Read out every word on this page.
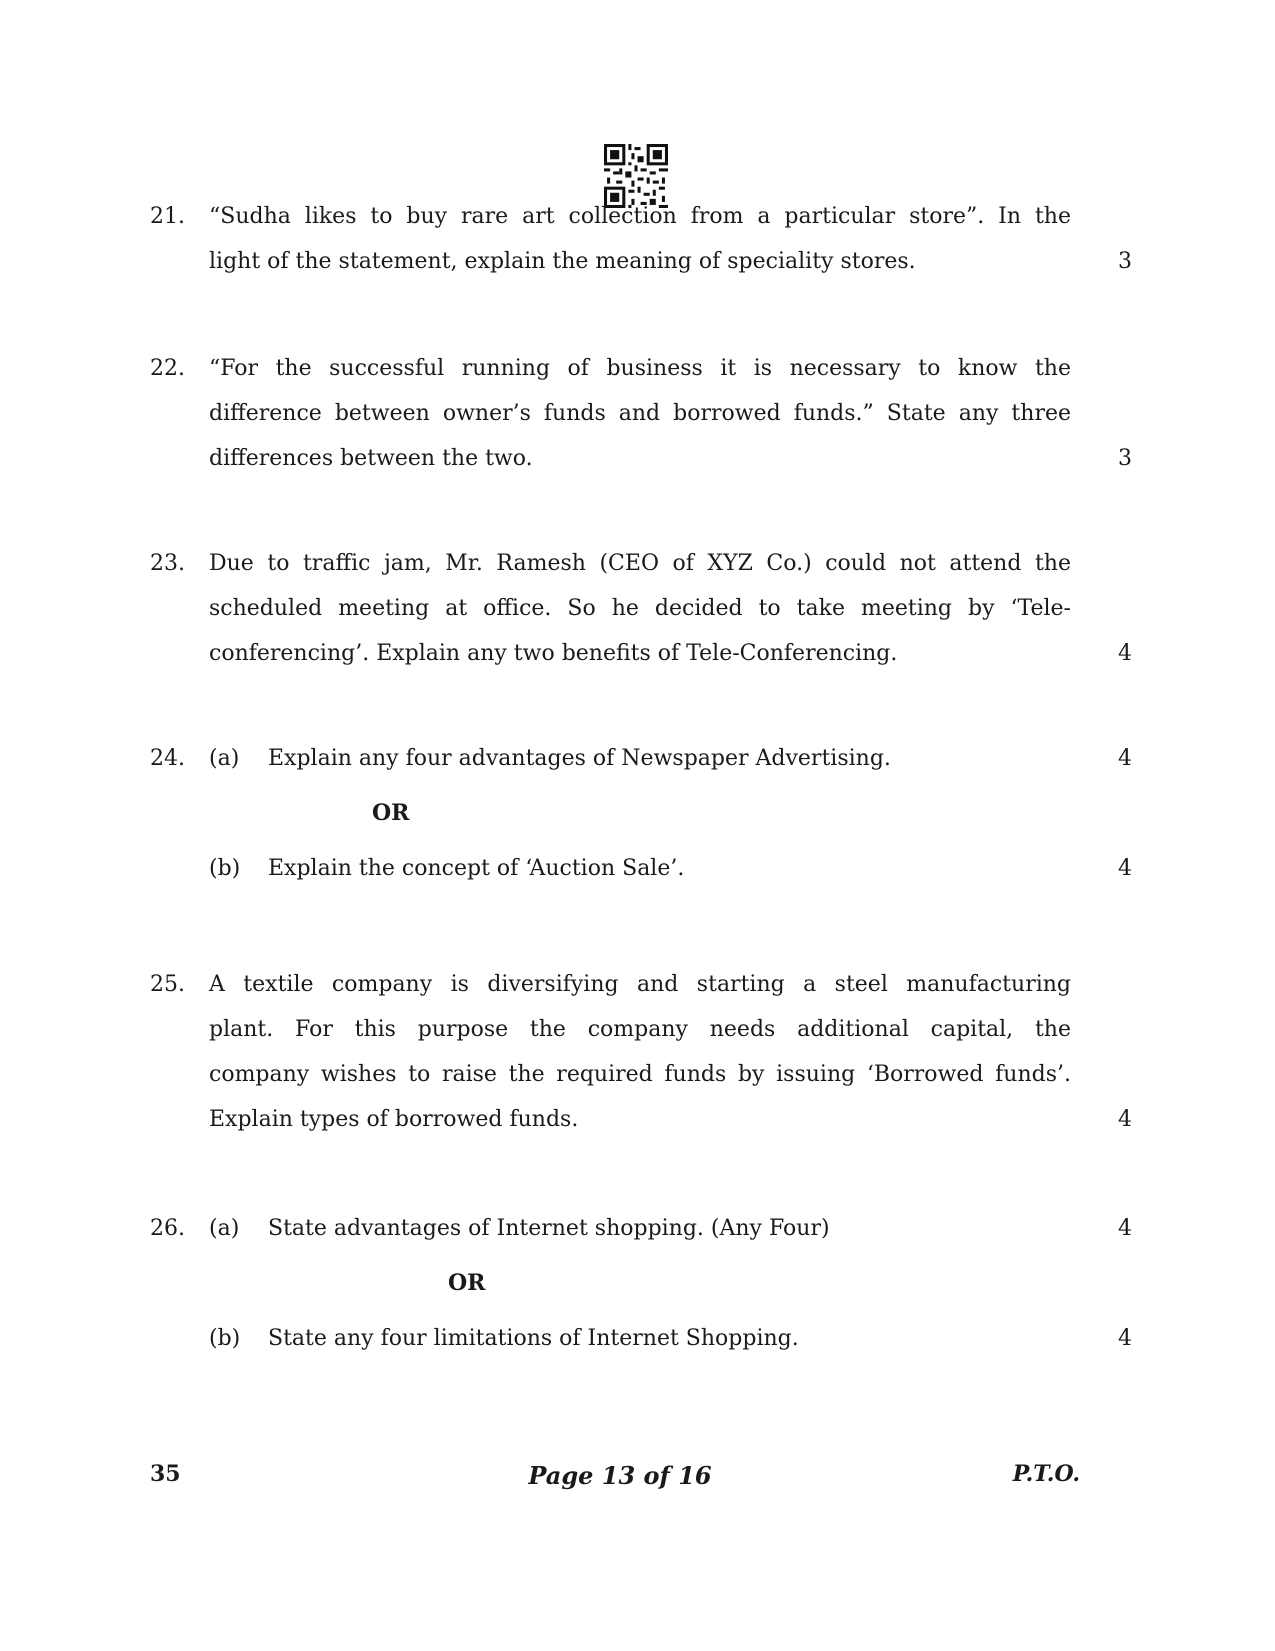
21. “Sudha likes to buy rare art collection from a particular store”. In the
light of the statement, explain the meaning of speciality stores.	3
22. “For the successful running of business it is necessary to know the
difference between owner’s funds and borrowed funds.” State any three
differences between the two.	3
23. Due to traffic jam, Mr. Ramesh (CEO of XYZ Co.) could not attend the
scheduled meeting at office. So he decided to take meeting by ‘Tele-
conferencing’. Explain any two benefits of Tele-Conferencing.	4
24. (a) Explain any four advantages of Newspaper Advertising.	4
OR
(b) Explain the concept of ‘Auction Sale’.	4
25. A textile company is diversifying and starting a steel manufacturing
plant. For this purpose the company needs additional capital, the
company wishes to raise the required funds by issuing ‘Borrowed funds’.
Explain types of borrowed funds.	4
26. (a) State advantages of Internet shopping. (Any Four)	4
OR
(b) State any four limitations of Internet Shopping.	4
35	Page 13 of 16	P.T.O.
